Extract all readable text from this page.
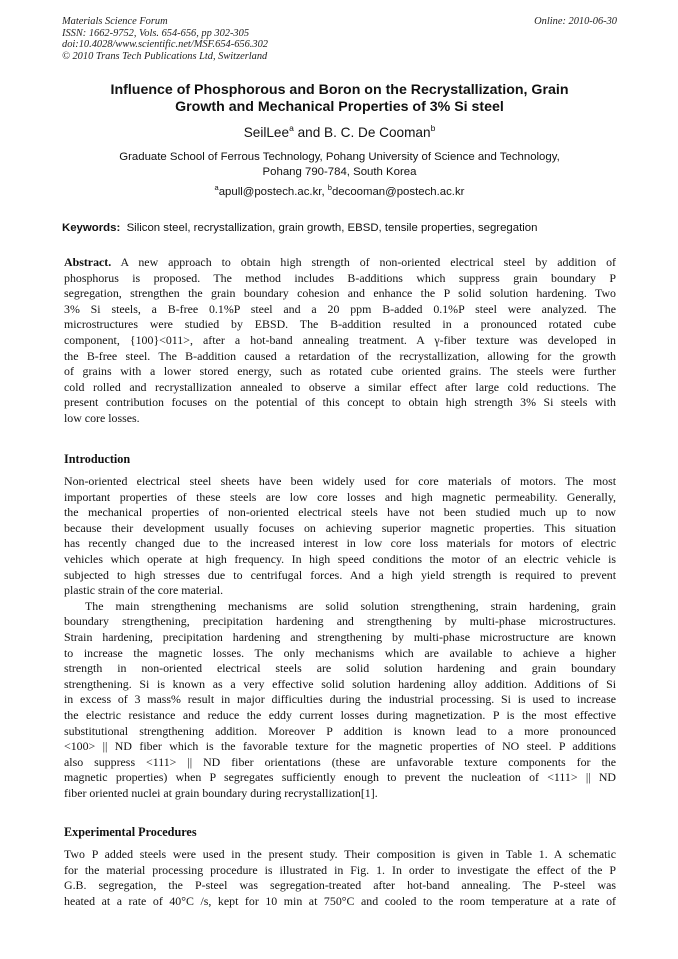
Materials Science Forum
ISSN: 1662-9752, Vols. 654-656, pp 302-305
doi:10.4028/www.scientific.net/MSF.654-656.302
© 2010 Trans Tech Publications Ltd, Switzerland
Online: 2010-06-30
Influence of Phosphorous and Boron on the Recrystallization, Grain
Growth and Mechanical Properties of 3% Si steel
SeilLee$^a$ and B. C. De Cooman$^b$
Graduate School of Ferrous Technology, Pohang University of Science and Technology,
Pohang 790-784, South Korea
$^a$apull@postech.ac.kr, $^b$decooman@postech.ac.kr
Keywords: Silicon steel, recrystallization, grain growth, EBSD, tensile properties, segregation
Abstract. A new approach to obtain high strength of non-oriented electrical steel by addition of
phosphorus is proposed. The method includes B-additions which suppress grain boundary P
segregation, strengthen the grain boundary cohesion and enhance the P solid solution hardening. Two
3% Si steels, a B-free 0.1%P steel and a 20 ppm B-added 0.1%P steel were analyzed. The
microstructures were studied by EBSD. The B-addition resulted in a pronounced rotated cube
component, {100}<011>, after a hot-band annealing treatment. A γ-fiber texture was developed in
the B-free steel. The B-addition caused a retardation of the recrystallization, allowing for the growth
of grains with a lower stored energy, such as rotated cube oriented grains. The steels were further
cold rolled and recrystallization annealed to observe a similar effect after large cold reductions. The
present contribution focuses on the potential of this concept to obtain high strength 3% Si steels with
low core losses.
Introduction
Non-oriented electrical steel sheets have been widely used for core materials of motors. The most
important properties of these steels are low core losses and high magnetic permeability. Generally,
the mechanical properties of non-oriented electrical steels have not been studied much up to now
because their development usually focuses on achieving superior magnetic properties. This situation
has recently changed due to the increased interest in low core loss materials for motors of electric
vehicles which operate at high frequency. In high speed conditions the motor of an electric vehicle is
subjected to high stresses due to centrifugal forces. And a high yield strength is required to prevent
plastic strain of the core material.
The main strengthening mechanisms are solid solution strengthening, strain hardening, grain
boundary strengthening, precipitation hardening and strengthening by multi-phase microstructures.
Strain hardening, precipitation hardening and strengthening by multi-phase microstructure are known
to increase the magnetic losses. The only mechanisms which are available to achieve a higher
strength in non-oriented electrical steels are solid solution hardening and grain boundary
strengthening. Si is known as a very effective solid solution hardening alloy addition. Additions of Si
in excess of 3 mass% result in major difficulties during the industrial processing. Si is used to increase
the electric resistance and reduce the eddy current losses during magnetization. P is the most effective
substitutional strengthening addition. Moreover P addition is known lead to a more pronounced
<100> || ND fiber which is the favorable texture for the magnetic properties of NO steel. P additions
also suppress <111> || ND fiber orientations (these are unfavorable texture components for the
magnetic properties) when P segregates sufficiently enough to prevent the nucleation of <111> || ND
fiber oriented nuclei at grain boundary during recrystallization[1].
Experimental Procedures
Two P added steels were used in the present study. Their composition is given in Table 1. A schematic
for the material processing procedure is illustrated in Fig. 1. In order to investigate the effect of the P
G.B. segregation, the P-steel was segregation-treated after hot-band annealing. The P-steel was
heated at a rate of 40°C /s, kept for 10 min at 750°C and cooled to the room temperature at a rate of
